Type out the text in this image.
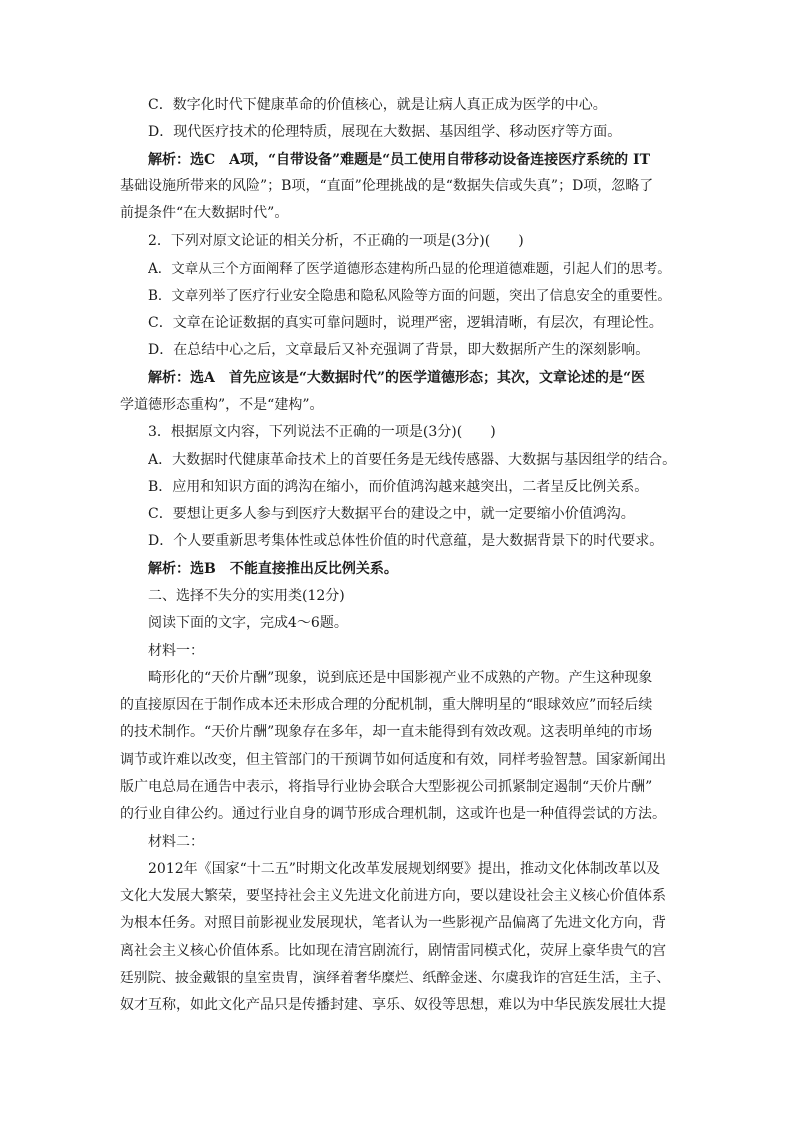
C．数字化时代下健康革命的价值核心，就是让病人真正成为医学的中心。
D．现代医疗技术的伦理特质，展现在大数据、基因组学、移动医疗等方面。
解析：选C　A项，“自带设备”难题是“员工使用自带移动设备连接医疗系统的 IT
基础设施所带来的风险”；B项，“直面”伦理挑战的是“数据失信或失真”；D项，忽略了
前提条件“在大数据时代”。
2．下列对原文论证的相关分析，不正确的一项是(3分)(　　)
A．文章从三个方面阐释了医学道德形态建构所凸显的伦理道德难题，引起人们的思考。
B．文章列举了医疗行业安全隐患和隐私风险等方面的问题，突出了信息安全的重要性。
C．文章在论证数据的真实可靠问题时，说理严密，逻辑清晰，有层次，有理论性。
D．在总结中心之后，文章最后又补充强调了背景，即大数据所产生的深刻影响。
解析：选A　首先应该是“大数据时代”的医学道德形态；其次，文章论述的是“医
学道德形态重构”，不是“建构”。
3．根据原文内容，下列说法不正确的一项是(3分)(　　)
A．大数据时代健康革命技术上的首要任务是无线传感器、大数据与基因组学的结合。
B．应用和知识方面的鸿沟在缩小，而价值鸿沟越来越突出，二者呈反比例关系。
C．要想让更多人参与到医疗大数据平台的建设之中，就一定要缩小价值鸿沟。
D．个人要重新思考集体性或总体性价值的时代意蕴，是大数据背景下的时代要求。
解析：选B　不能直接推出反比例关系。
二、选择不失分的实用类(12分)
阅读下面的文字，完成4～6题。
材料一：
畸形化的“天价片酬”现象，说到底还是中国影视产业不成熟的产物。产生这种现象
的直接原因在于制作成本还未形成合理的分配机制，重大牌明星的“眼球效应”而轻后续
的技术制作。“天价片酬”现象存在多年，却一直未能得到有效改观。这表明单纯的市场
调节或许难以改变，但主管部门的干预调节如何适度和有效，同样考验智慧。国家新闻出
版广电总局在通告中表示，将指导行业协会联合大型影视公司抓紧制定遏制“天价片酬”
的行业自律公约。通过行业自身的调节形成合理机制，这或许也是一种值得尝试的方法。
材料二：
2012年《国家“十二五”时期文化改革发展规划纲要》提出，推动文化体制改革以及
文化大发展大繁荣，要坚持社会主义先进文化前进方向，要以建设社会主义核心价值体系
为根本任务。对照目前影视业发展现状，笔者认为一些影视产品偏离了先进文化方向，背
离社会主义核心价值体系。比如现在清宫剧流行，剧情雷同模式化，荧屏上豪华贵气的宫
廷别院、披金戴银的皇室贵胄，演绎着奢华糜烂、纸醉金迷、尔虞我诈的宫廷生活，主子、
奴才互称，如此文化产品只是传播封建、享乐、奴役等思想，难以为中华民族发展壮大提
